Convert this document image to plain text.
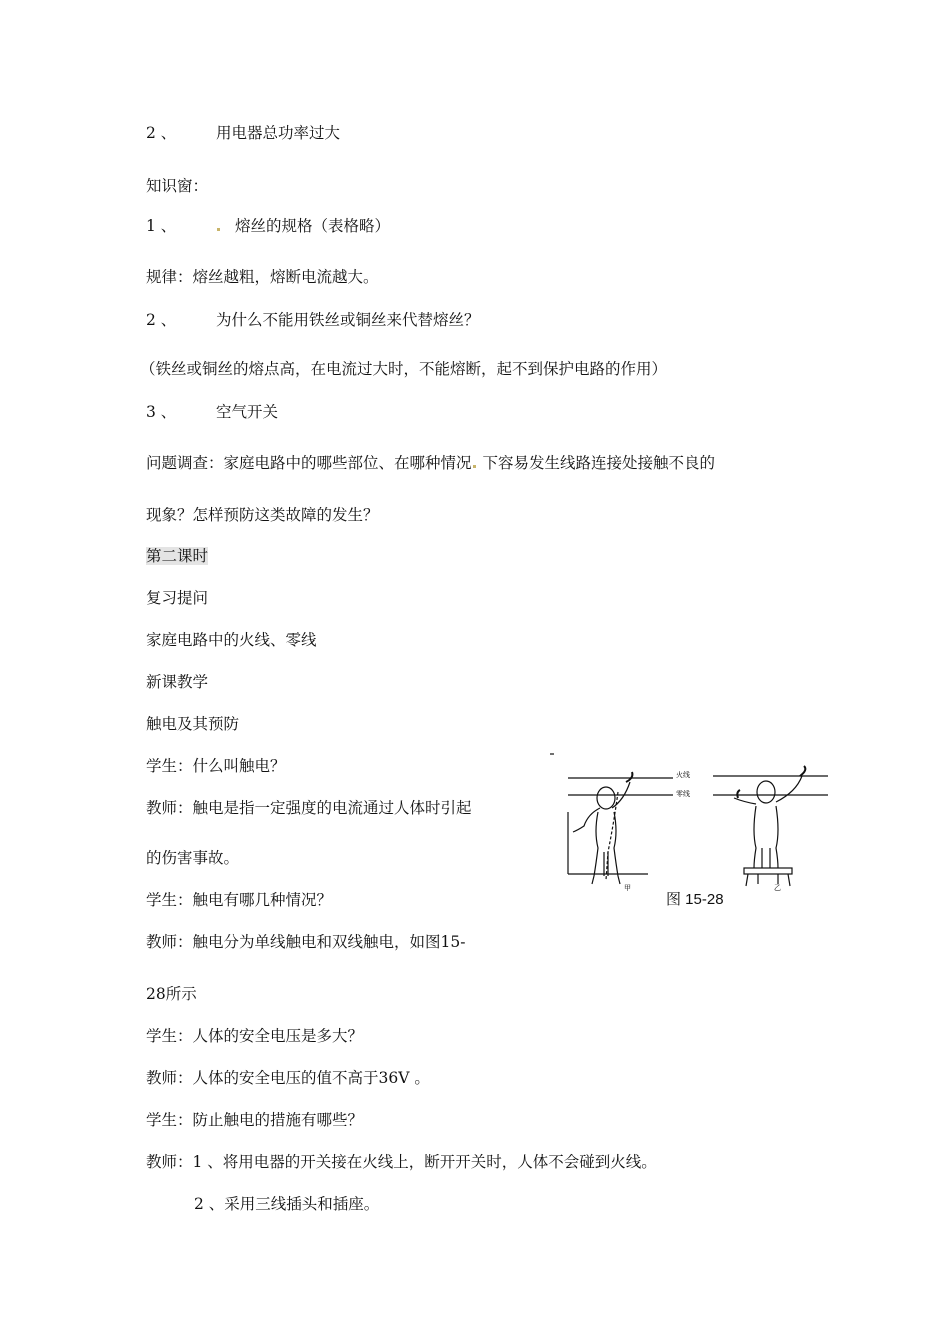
2 、	用电器总功率过大
知识窗：
1 、	熔丝的规格（表格略）
规律：熔丝越粗，熔断电流越大。
2 、	为什么不能用铁丝或铜丝来代替熔丝？
（铁丝或铜丝的熔点高，在电流过大时，不能熔断，起不到保护电路的作用）
3 、	空气开关
问题调查：家庭电路中的哪些部位、在哪种情况 下容易发生线路连接处接触不良的
现象？怎样预防这类故障的发生？
第二课时
复习提问
家庭电路中的火线、零线
新课教学
触电及其预防
学生：什么叫触电？
教师：触电是指一定强度的电流通过人体时引起
的伤害事故。
学生：触电有哪几种情况？
教师：触电分为单线触电和双线触电，如图15-
28所示
学生：人体的安全电压是多大？
教师：人体的安全电压的值不高于36V 。
学生：防止触电的措施有哪些？
教师：1 、将用电器的开关接在火线上，断开开关时，人体不会碰到火线。
2 、采用三线插头和插座。
火线
零线
甲	乙
图 15-28
